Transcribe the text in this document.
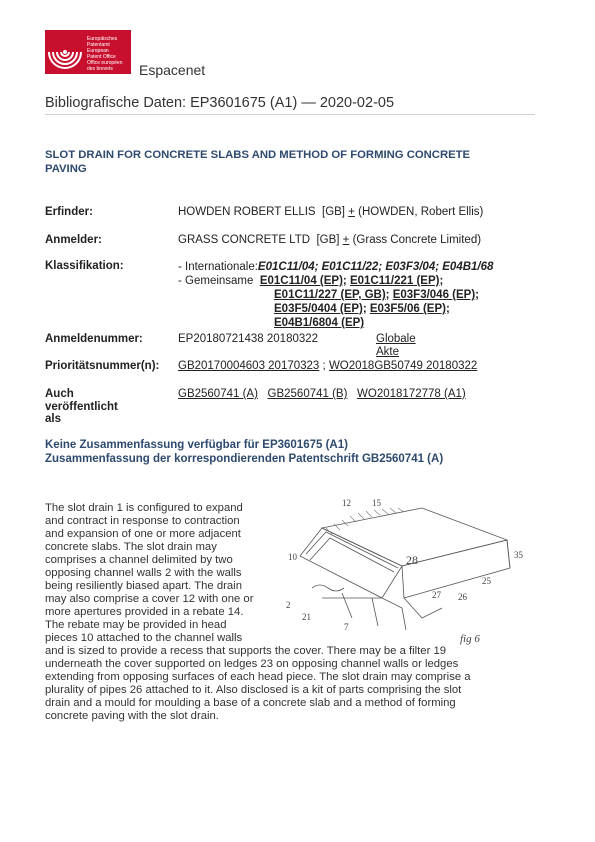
Europäisches
Patentamt
European
Patent Office
Office européen
des brevets	Espacenet
Bibliografische Daten: EP3601675 (A1) ― 2020-02-05
SLOT DRAIN FOR CONCRETE SLABS AND METHOD OF FORMING CONCRETE
PAVING
Erfinder:	HOWDEN ROBERT ELLIS [GB] + (HOWDEN, Robert Ellis)
Anmelder:	GRASS CONCRETE LTD [GB] + (Grass Concrete Limited)
Klassifikation:	- Internationale:E01C11/04; E01C11/22; E03F3/04; E04B1/68
- Gemeinsame E01C11/04 (EP); E01C11/221 (EP);
E01C11/227 (EP, GB); E03F3/046 (EP);
E03F5/0404 (EP); E03F5/06 (EP);
E04B1/6804 (EP)
Anmeldenummer:	EP20180721438 20180322	Globale Akte
Prioritätsnummer(n): GB20170004603 20170323 ; WO2018GB50749 20180322
Auch veröffentlicht
als
GB2560741 (A) GB2560741 (B) WO2018172778 (A1)
Keine Zusammenfassung verfügbar für EP3601675 (A1)
Zusammenfassung der korrespondierenden Patentschrift GB2560741 (A)
12 15
28	35
10
25
2
7
21
27 26
fig 6
The slot drain 1 is configured to expand
and contract in response to contraction
and expansion of one or more adjacent
concrete slabs. The slot drain may
comprises a channel delimited by two
opposing channel walls 2 with the walls
being resiliently biased apart. The drain
may also comprise a cover 12 with one or
more apertures provided in a rebate 14.
The rebate may be provided in head
pieces 10 attached to the channel walls
and is sized to provide a recess that supports the cover. There may be a filter 19
underneath the cover supported on ledges 23 on opposing channel walls or ledges
extending from opposing surfaces of each head piece. The slot drain may comprise a
plurality of pipes 26 attached to it. Also disclosed is a kit of parts comprising the slot
drain and a mould for moulding a base of a concrete slab and a method of forming
concrete paving with the slot drain.
